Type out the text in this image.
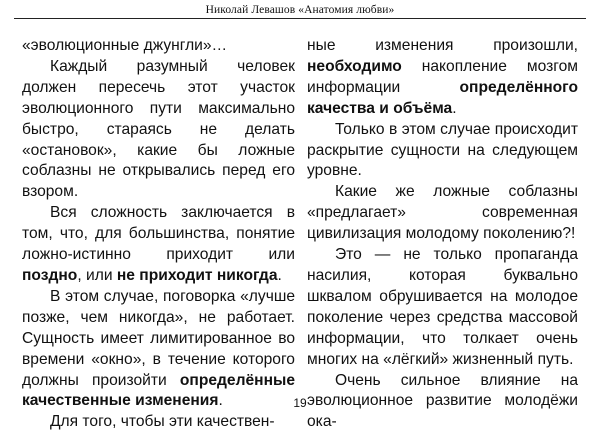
Николай Левашов «Анатомия любви»

«эволюционные джунгли»…

Каждый разумный человек должен пересечь этот участок эволюционного пути максимально быстро, стараясь не делать «остановок», какие бы ложные соблазны не открывались перед его взором.

Вся сложность заключается в том, что, для большинства, понятие ложно-истинно приходит или поздно, или не приходит никогда.

В этом случае, поговорка «лучше позже, чем никогда», не работает. Сущность имеет лимитированное во времени «окно», в течение которого должны произойти определённые качественные изменения.

Для того, чтобы эти качествен-

ные изменения произошли, необходимо накопление мозгом информации определённого качества и объёма.

Только в этом случае происходит раскрытие сущности на следующем уровне.

Какие же ложные соблазны «предлагает» современная цивилизация молодому поколению?!

Это — не только пропаганда насилия, которая буквально шквалом обрушивается на молодое поколение через средства массовой информации, что толкает очень многих на «лёгкий» жизненный путь.

Очень сильное влияние на эволюционное развитие молодёжи ока-

19
